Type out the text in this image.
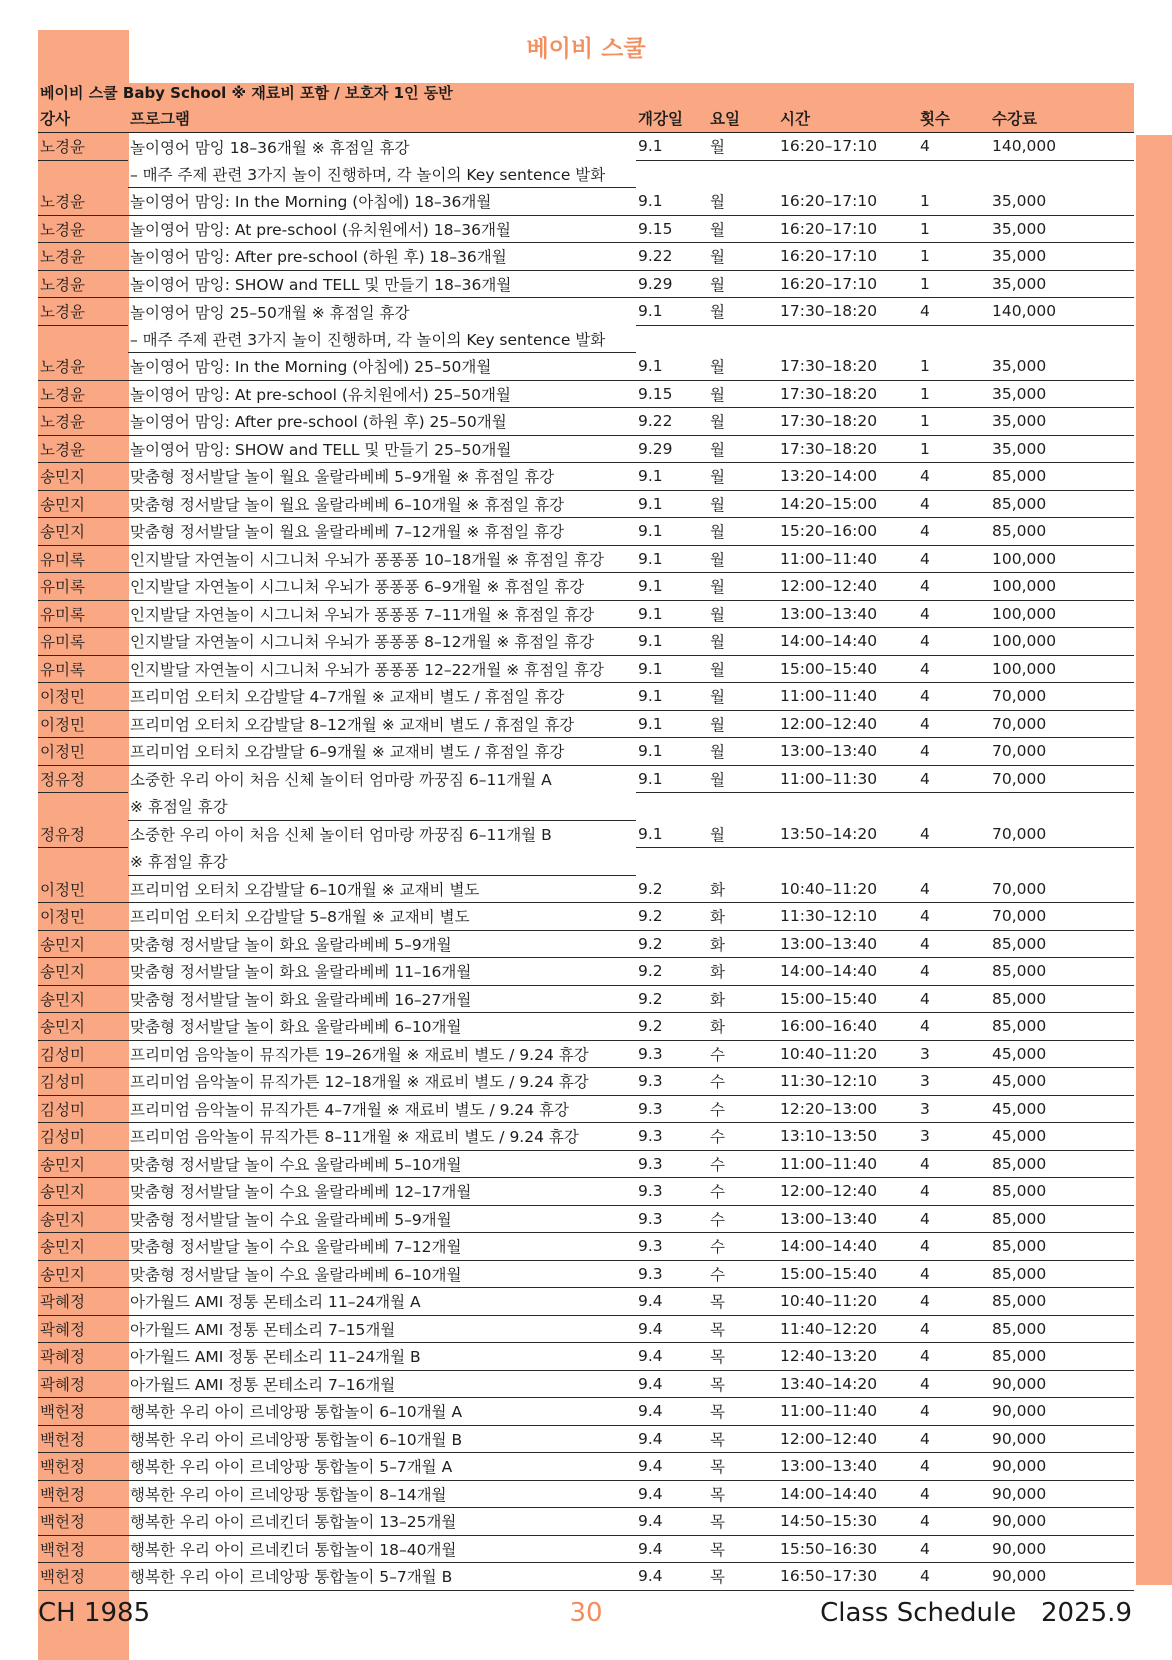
베이비 스쿨
베이비 스쿨 Baby School ※ 재료비 포함 / 보호자 1인 동반
강사	프로그램	개강일	요일	시간	횟수	수강료
노경윤	놀이영어 맘잉 18–36개월 ※ 휴점일 휴강	9.1	월	16:20–17:10	4	140,000
	– 매주 주제 관련 3가지 놀이 진행하며, 각 놀이의 Key sentence 발화					
노경윤	놀이영어 맘잉: In the Morning (아침에) 18–36개월	9.1	월	16:20–17:10	1	35,000
노경윤	놀이영어 맘잉: At pre-school (유치원에서) 18–36개월	9.15	월	16:20–17:10	1	35,000
노경윤	놀이영어 맘잉: After pre-school (하원 후) 18–36개월	9.22	월	16:20–17:10	1	35,000
노경윤	놀이영어 맘잉: SHOW and TELL 및 만들기 18–36개월	9.29	월	16:20–17:10	1	35,000
노경윤	놀이영어 맘잉 25–50개월 ※ 휴점일 휴강	9.1	월	17:30–18:20	4	140,000
	– 매주 주제 관련 3가지 놀이 진행하며, 각 놀이의 Key sentence 발화					
노경윤	놀이영어 맘잉: In the Morning (아침에) 25–50개월	9.1	월	17:30–18:20	1	35,000
노경윤	놀이영어 맘잉: At pre-school (유치원에서) 25–50개월	9.15	월	17:30–18:20	1	35,000
노경윤	놀이영어 맘잉: After pre-school (하원 후) 25–50개월	9.22	월	17:30–18:20	1	35,000
노경윤	놀이영어 맘잉: SHOW and TELL 및 만들기 25–50개월	9.29	월	17:30–18:20	1	35,000
송민지	맞춤형 정서발달 놀이 월요 울랄라베베 5–9개월 ※ 휴점일 휴강	9.1	월	13:20–14:00	4	85,000
송민지	맞춤형 정서발달 놀이 월요 울랄라베베 6–10개월 ※ 휴점일 휴강	9.1	월	14:20–15:00	4	85,000
송민지	맞춤형 정서발달 놀이 월요 울랄라베베 7–12개월 ※ 휴점일 휴강	9.1	월	15:20–16:00	4	85,000
유미록	인지발달 자연놀이 시그니처 우뇌가 퐁퐁퐁 10–18개월 ※ 휴점일 휴강	9.1	월	11:00–11:40	4	100,000
유미록	인지발달 자연놀이 시그니처 우뇌가 퐁퐁퐁 6–9개월 ※ 휴점일 휴강	9.1	월	12:00–12:40	4	100,000
유미록	인지발달 자연놀이 시그니처 우뇌가 퐁퐁퐁 7–11개월 ※ 휴점일 휴강	9.1	월	13:00–13:40	4	100,000
유미록	인지발달 자연놀이 시그니처 우뇌가 퐁퐁퐁 8–12개월 ※ 휴점일 휴강	9.1	월	14:00–14:40	4	100,000
유미록	인지발달 자연놀이 시그니처 우뇌가 퐁퐁퐁 12–22개월 ※ 휴점일 휴강	9.1	월	15:00–15:40	4	100,000
이정민	프리미엄 오터치 오감발달 4–7개월 ※ 교재비 별도 / 휴점일 휴강	9.1	월	11:00–11:40	4	70,000
이정민	프리미엄 오터치 오감발달 8–12개월 ※ 교재비 별도 / 휴점일 휴강	9.1	월	12:00–12:40	4	70,000
이정민	프리미엄 오터치 오감발달 6–9개월 ※ 교재비 별도 / 휴점일 휴강	9.1	월	13:00–13:40	4	70,000
정유정	소중한 우리 아이 처음 신체 놀이터 엄마랑 까꿍짐 6–11개월 A	9.1	월	11:00–11:30	4	70,000
	※ 휴점일 휴강					
정유정	소중한 우리 아이 처음 신체 놀이터 엄마랑 까꿍짐 6–11개월 B	9.1	월	13:50–14:20	4	70,000
	※ 휴점일 휴강					
이정민	프리미엄 오터치 오감발달 6–10개월 ※ 교재비 별도	9.2	화	10:40–11:20	4	70,000
이정민	프리미엄 오터치 오감발달 5–8개월 ※ 교재비 별도	9.2	화	11:30–12:10	4	70,000
송민지	맞춤형 정서발달 놀이 화요 울랄라베베 5–9개월	9.2	화	13:00–13:40	4	85,000
송민지	맞춤형 정서발달 놀이 화요 울랄라베베 11–16개월	9.2	화	14:00–14:40	4	85,000
송민지	맞춤형 정서발달 놀이 화요 울랄라베베 16–27개월	9.2	화	15:00–15:40	4	85,000
송민지	맞춤형 정서발달 놀이 화요 울랄라베베 6–10개월	9.2	화	16:00–16:40	4	85,000
김성미	프리미엄 음악놀이 뮤직가튼 19–26개월 ※ 재료비 별도 / 9.24 휴강	9.3	수	10:40–11:20	3	45,000
김성미	프리미엄 음악놀이 뮤직가튼 12–18개월 ※ 재료비 별도 / 9.24 휴강	9.3	수	11:30–12:10	3	45,000
김성미	프리미엄 음악놀이 뮤직가튼 4–7개월 ※ 재료비 별도 / 9.24 휴강	9.3	수	12:20–13:00	3	45,000
김성미	프리미엄 음악놀이 뮤직가튼 8–11개월 ※ 재료비 별도 / 9.24 휴강	9.3	수	13:10–13:50	3	45,000
송민지	맞춤형 정서발달 놀이 수요 울랄라베베 5–10개월	9.3	수	11:00–11:40	4	85,000
송민지	맞춤형 정서발달 놀이 수요 울랄라베베 12–17개월	9.3	수	12:00–12:40	4	85,000
송민지	맞춤형 정서발달 놀이 수요 울랄라베베 5–9개월	9.3	수	13:00–13:40	4	85,000
송민지	맞춤형 정서발달 놀이 수요 울랄라베베 7–12개월	9.3	수	14:00–14:40	4	85,000
송민지	맞춤형 정서발달 놀이 수요 울랄라베베 6–10개월	9.3	수	15:00–15:40	4	85,000
곽혜정	아가월드 AMI 정통 몬테소리 11–24개월 A	9.4	목	10:40–11:20	4	85,000
곽혜정	아가월드 AMI 정통 몬테소리 7–15개월	9.4	목	11:40–12:20	4	85,000
곽혜정	아가월드 AMI 정통 몬테소리 11–24개월 B	9.4	목	12:40–13:20	4	85,000
곽혜정	아가월드 AMI 정통 몬테소리 7–16개월	9.4	목	13:40–14:20	4	90,000
백헌정	행복한 우리 아이 르네앙팡 통합놀이 6–10개월 A	9.4	목	11:00–11:40	4	90,000
백헌정	행복한 우리 아이 르네앙팡 통합놀이 6–10개월 B	9.4	목	12:00–12:40	4	90,000
백헌정	행복한 우리 아이 르네앙팡 통합놀이 5–7개월 A	9.4	목	13:00–13:40	4	90,000
백헌정	행복한 우리 아이 르네앙팡 통합놀이 8–14개월	9.4	목	14:00–14:40	4	90,000
백헌정	행복한 우리 아이 르네킨더 통합놀이 13–25개월	9.4	목	14:50–15:30	4	90,000
백헌정	행복한 우리 아이 르네킨더 통합놀이 18–40개월	9.4	목	15:50–16:30	4	90,000
백헌정	행복한 우리 아이 르네앙팡 통합놀이 5–7개월 B	9.4	목	16:50–17:30	4	90,000
CH 1985	30	Class Schedule   2025.9
